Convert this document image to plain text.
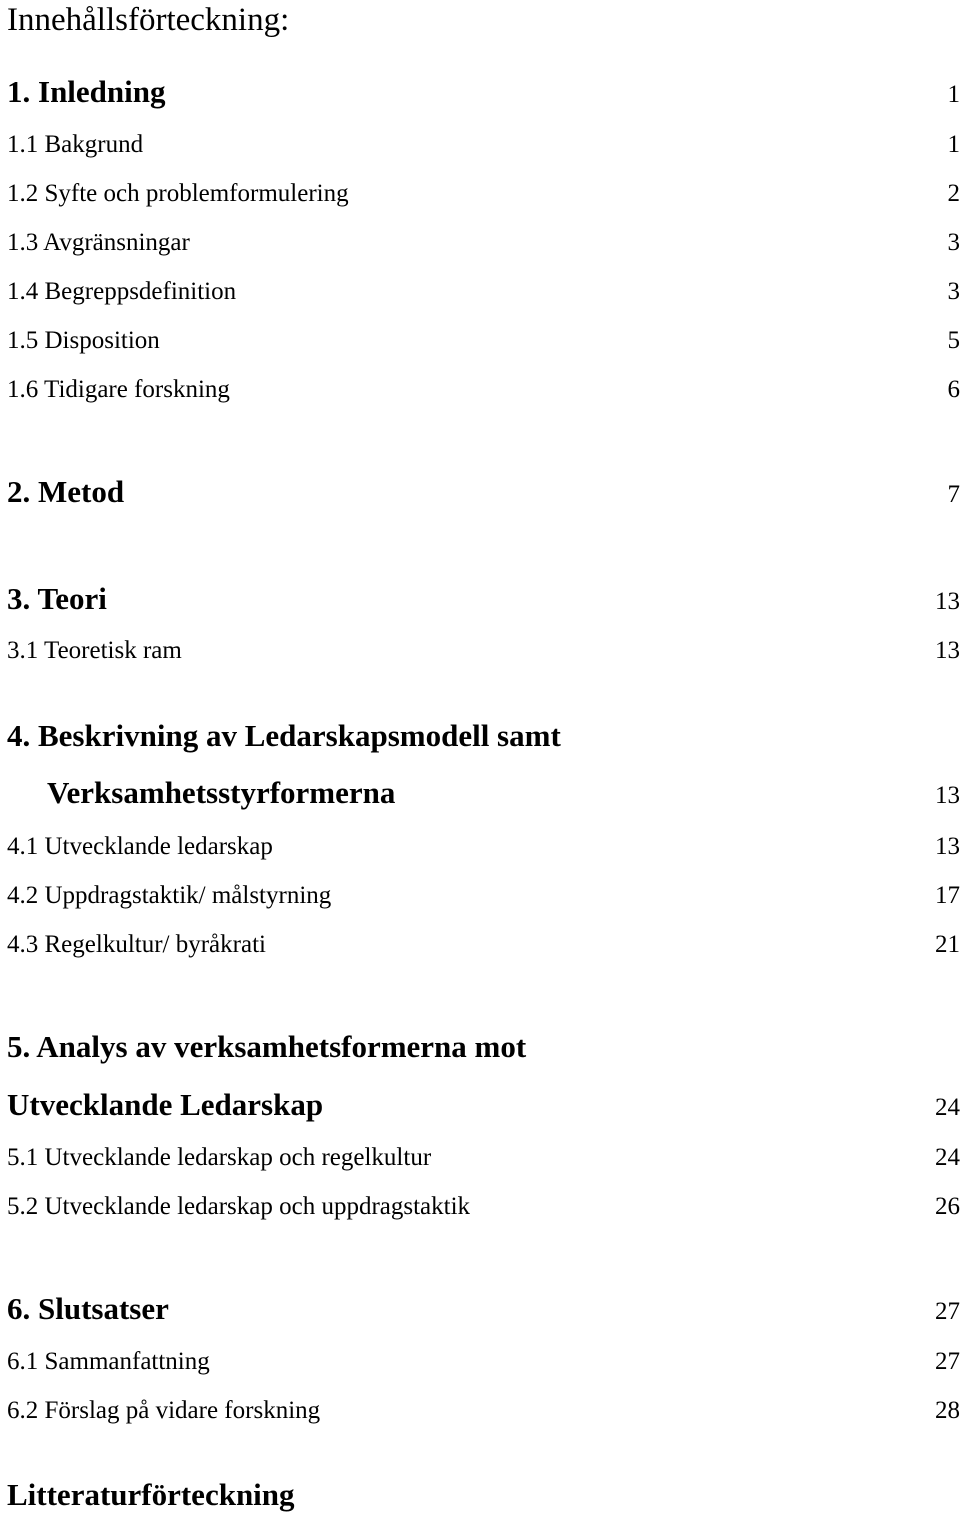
Innehållsförteckning:
1. Inledning	1
1.1 Bakgrund	1
1.2 Syfte och problemformulering	2
1.3 Avgränsningar	3
1.4 Begreppsdefinition	3
1.5 Disposition	5
1.6 Tidigare forskning	6
2. Metod	7
3. Teori	13
3.1 Teoretisk ram	13
4. Beskrivning av Ledarskapsmodell samt
Verksamhetsstyrformerna	13
4.1 Utvecklande ledarskap	13
4.2 Uppdragstaktik/ målstyrning	17
4.3 Regelkultur/ byråkrati	21
5. Analys av verksamhetsformerna mot
Utvecklande Ledarskap	24
5.1 Utvecklande ledarskap och regelkultur	24
5.2 Utvecklande ledarskap och uppdragstaktik	26
6. Slutsatser	27
6.1 Sammanfattning	27
6.2 Förslag på vidare forskning	28
Litteraturförteckning
